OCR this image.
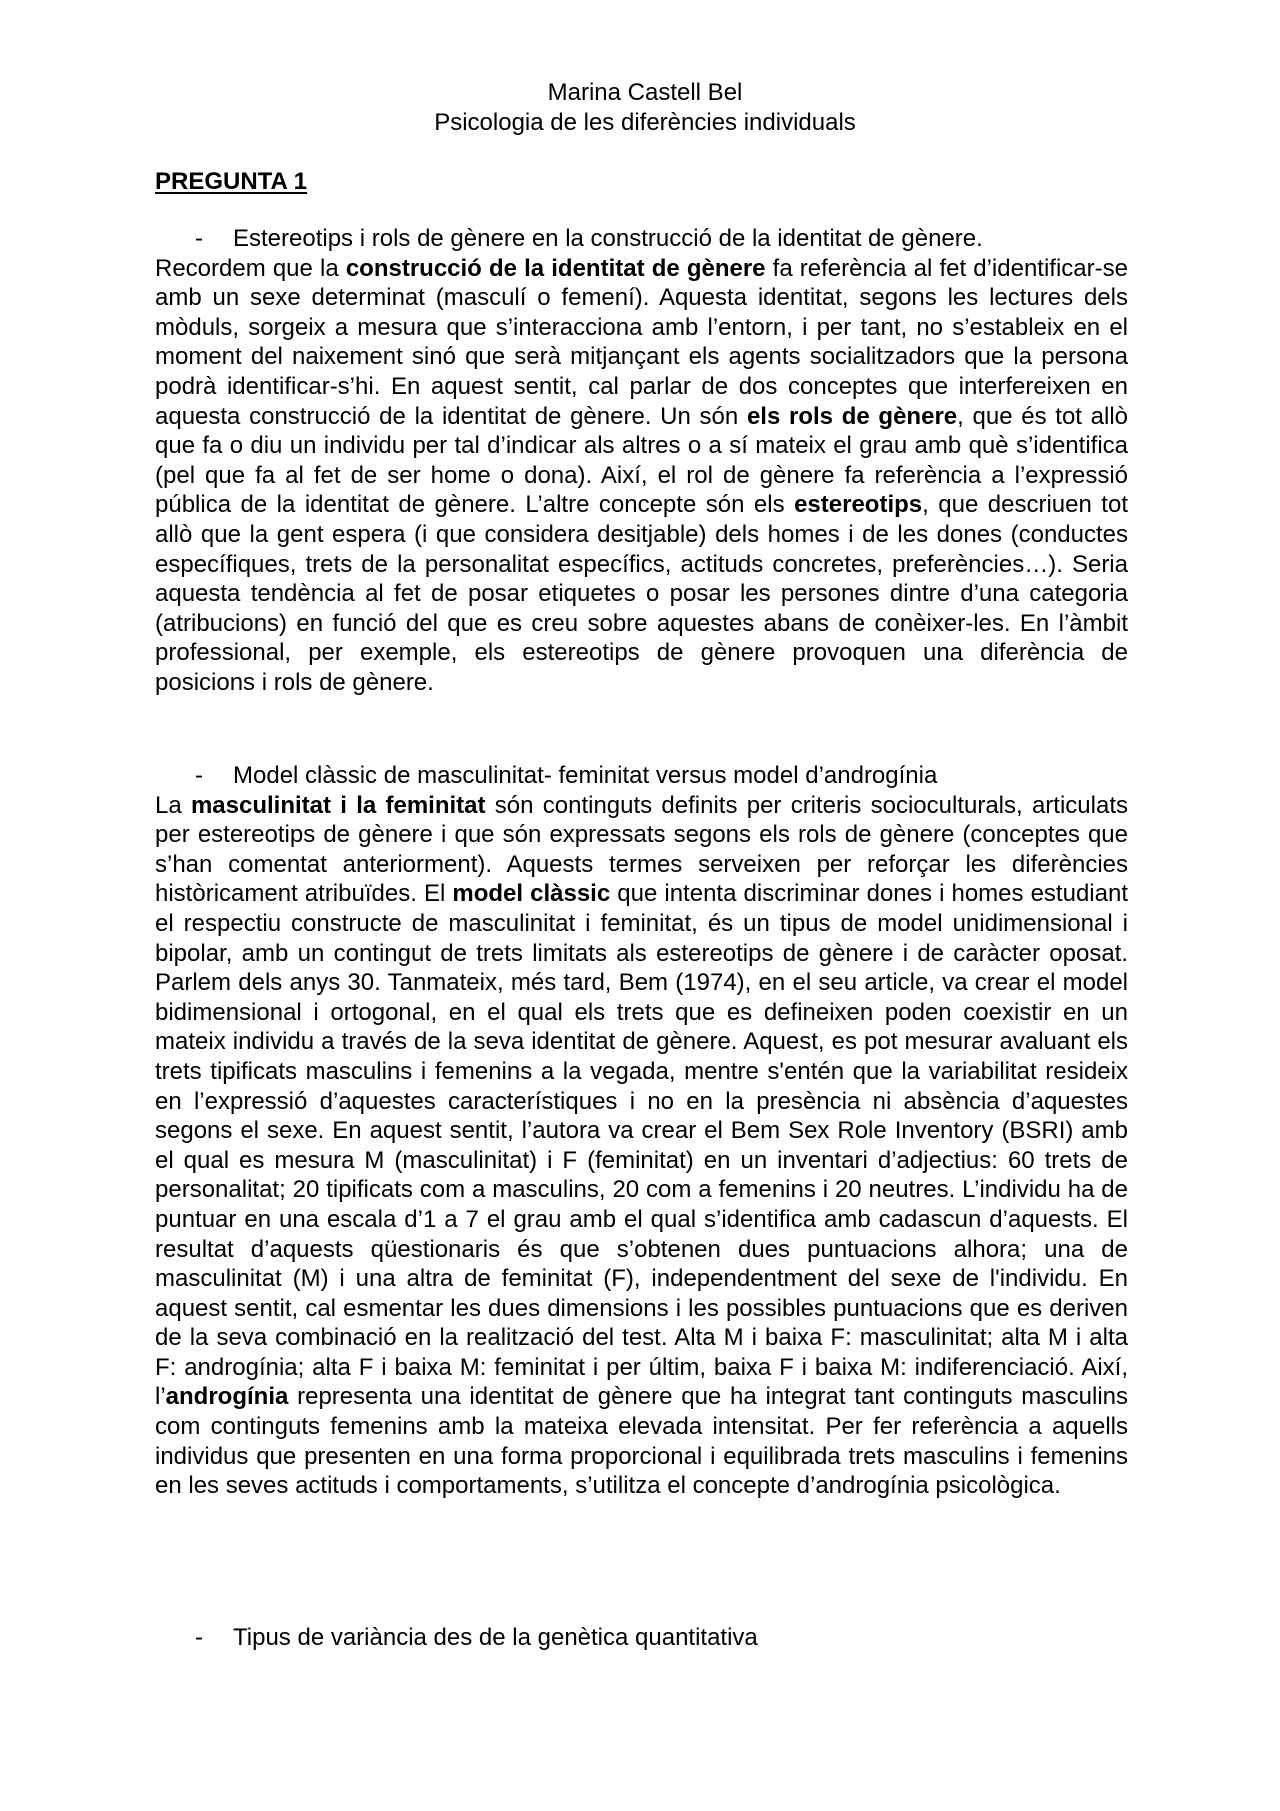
Marina Castell Bel
Psicologia de les diferències individuals
PREGUNTA 1
- Estereotips i rols de gènere en la construcció de la identitat de gènere.
Recordem que la construcció de la identitat de gènere fa referència al fet d’identificar-se amb un sexe determinat (masculí o femení). Aquesta identitat, segons les lectures dels mòduls, sorgeix a mesura que s’interacciona amb l’entorn, i per tant, no s’estableix en el moment del naixement sinó que serà mitjançant els agents socialitzadors que la persona podrà identificar-s’hi. En aquest sentit, cal parlar de dos conceptes que interfereixen en aquesta construcció de la identitat de gènere. Un són els rols de gènere, que és tot allò que fa o diu un individu per tal d’indicar als altres o a sí mateix el grau amb què s’identifica (pel que fa al fet de ser home o dona). Així, el rol de gènere fa referència a l’expressió pública de la identitat de gènere. L’altre concepte són els estereotips, que descriuen tot allò que la gent espera (i que considera desitjable) dels homes i de les dones (conductes específiques, trets de la personalitat específics, actituds concretes, preferències…). Seria aquesta tendència al fet de posar etiquetes o posar les persones dintre d’una categoria (atribucions) en funció del que es creu sobre aquestes abans de conèixer-les. En l’àmbit professional, per exemple, els estereotips de gènere provoquen una diferència de posicions i rols de gènere.
- Model clàssic de masculinitat- feminitat versus model d’androgínia
La masculinitat i la feminitat són continguts definits per criteris socioculturals, articulats per estereotips de gènere i que són expressats segons els rols de gènere (conceptes que s’han comentat anteriorment). Aquests termes serveixen per reforçar les diferències històricament atribuïdes. El model clàssic que intenta discriminar dones i homes estudiant el respectiu constructe de masculinitat i feminitat, és un tipus de model unidimensional i bipolar, amb un contingut de trets limitats als estereotips de gènere i de caràcter oposat. Parlem dels anys 30. Tanmateix, més tard, Bem (1974), en el seu article, va crear el model bidimensional i ortogonal, en el qual els trets que es defineixen poden coexistir en un mateix individu a través de la seva identitat de gènere. Aquest, es pot mesurar avaluant els trets tipificats masculins i femenins a la vegada, mentre s'entén que la variabilitat resideix en l’expressió d’aquestes característiques i no en la presència ni absència d’aquestes segons el sexe. En aquest sentit, l’autora va crear el Bem Sex Role Inventory (BSRI) amb el qual es mesura M (masculinitat) i F (feminitat) en un inventari d’adjectius: 60 trets de personalitat; 20 tipificats com a masculins, 20 com a femenins i 20 neutres. L’individu ha de puntuar en una escala d’1 a 7 el grau amb el qual s’identifica amb cadascun d’aquests. El resultat d’aquests qüestionaris és que s’obtenen dues puntuacions alhora; una de masculinitat (M) i una altra de feminitat (F), independentment del sexe de l'individu. En aquest sentit, cal esmentar les dues dimensions i les possibles puntuacions que es deriven de la seva combinació en la realització del test. Alta M i baixa F: masculinitat; alta M i alta F: androgínia; alta F i baixa M: feminitat i per últim, baixa F i baixa M: indiferenciació. Així, l’androgínia representa una identitat de gènere que ha integrat tant continguts masculins com continguts femenins amb la mateixa elevada intensitat. Per fer referència a aquells individus que presenten en una forma proporcional i equilibrada trets masculins i femenins en les seves actituds i comportaments, s’utilitza el concepte d’androgínia psicològica.
- Tipus de variància des de la genètica quantitativa
